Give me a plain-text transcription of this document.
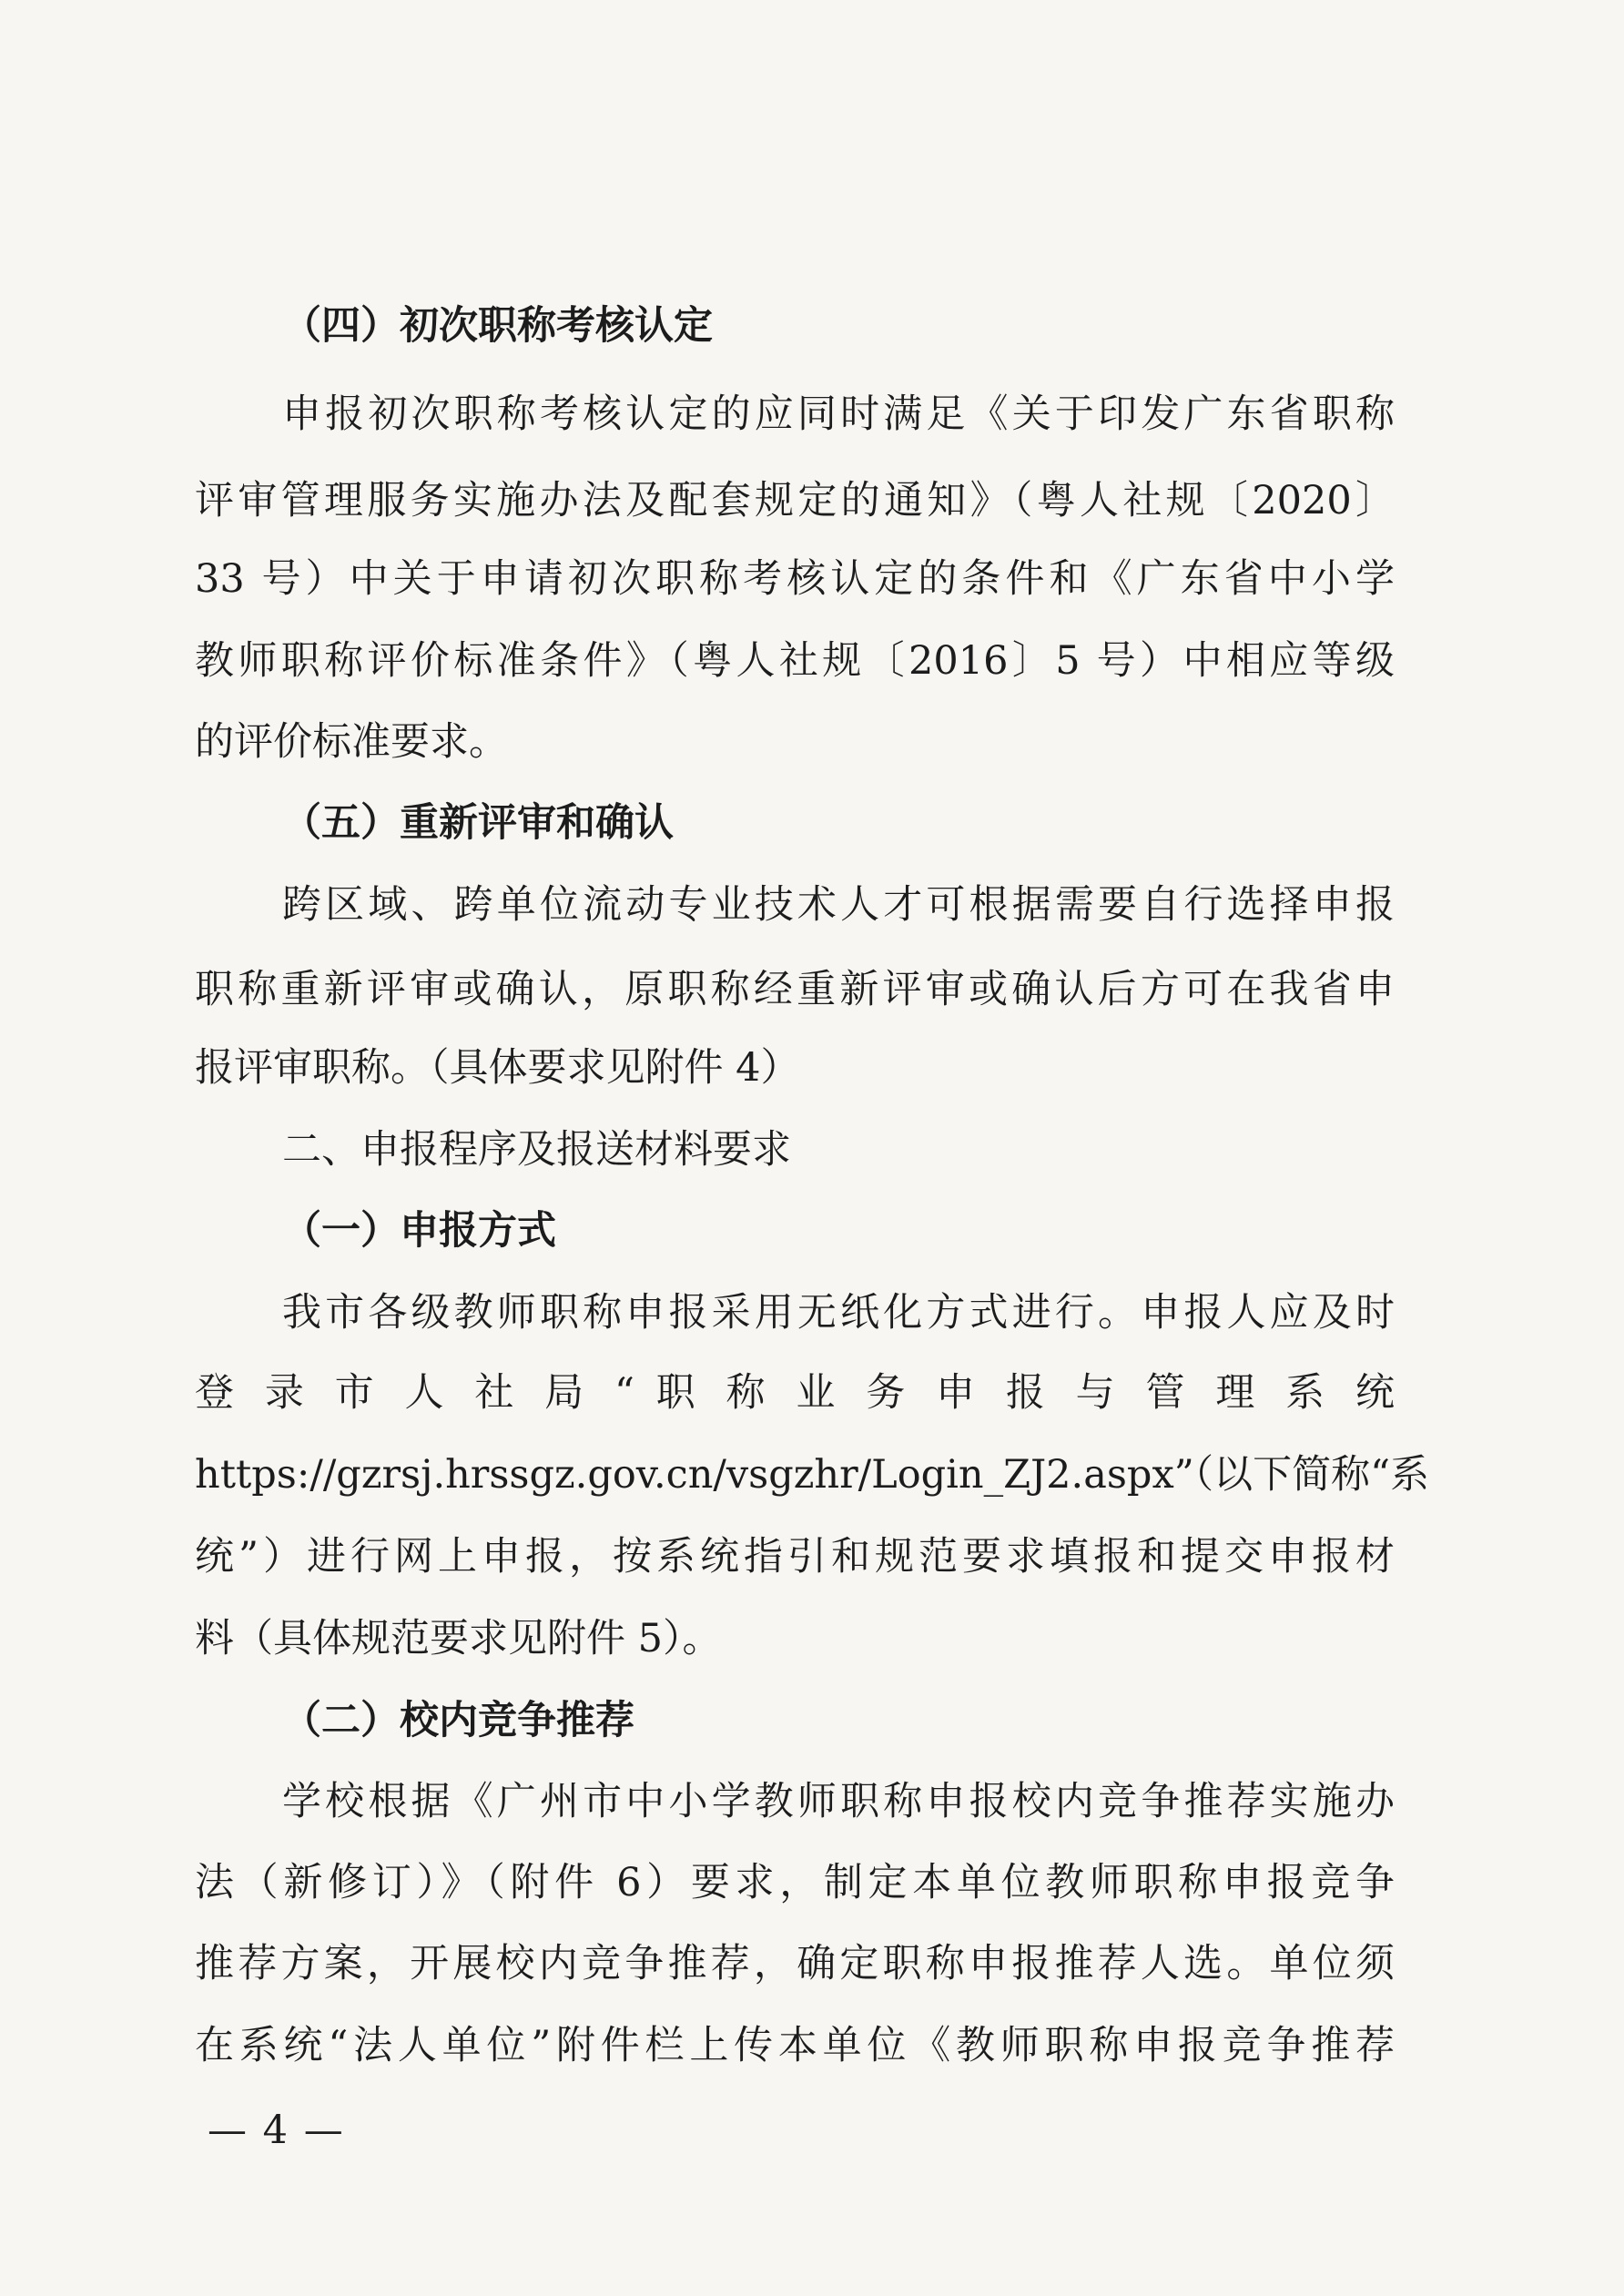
（四）初次职称考核认定
申报初次职称考核认定的应同时满足《关于印发广东省职称
评审管理服务实施办法及配套规定的通知》（粤人社规〔2020〕
33 号）中关于申请初次职称考核认定的条件和《广东省中小学
教师职称评价标准条件》（粤人社规〔2016〕5 号）中相应等级
的评价标准要求。
（五）重新评审和确认
跨区域、跨单位流动专业技术人才可根据需要自行选择申报
职称重新评审或确认，原职称经重新评审或确认后方可在我省申
报评审职称。（具体要求见附件 4）
二、申报程序及报送材料要求
（一）申报方式
我市各级教师职称申报采用无纸化方式进行。申报人应及时
登 录 市 人 社 局 “ 职 称 业 务 申 报 与 管 理 系 统
https://gzrsj.hrssgz.gov.cn/vsgzhr/Login_ZJ2.aspx”（以下简称“系
统”）进行网上申报，按系统指引和规范要求填报和提交申报材
料（具体规范要求见附件 5）。
（二）校内竞争推荐
学校根据《广州市中小学教师职称申报校内竞争推荐实施办
法（新修订）》（附件 6）要求，制定本单位教师职称申报竞争
推荐方案，开展校内竞争推荐，确定职称申报推荐人选。单位须
在系统“法人单位”附件栏上传本单位《教师职称申报竞争推荐
— 4 —
